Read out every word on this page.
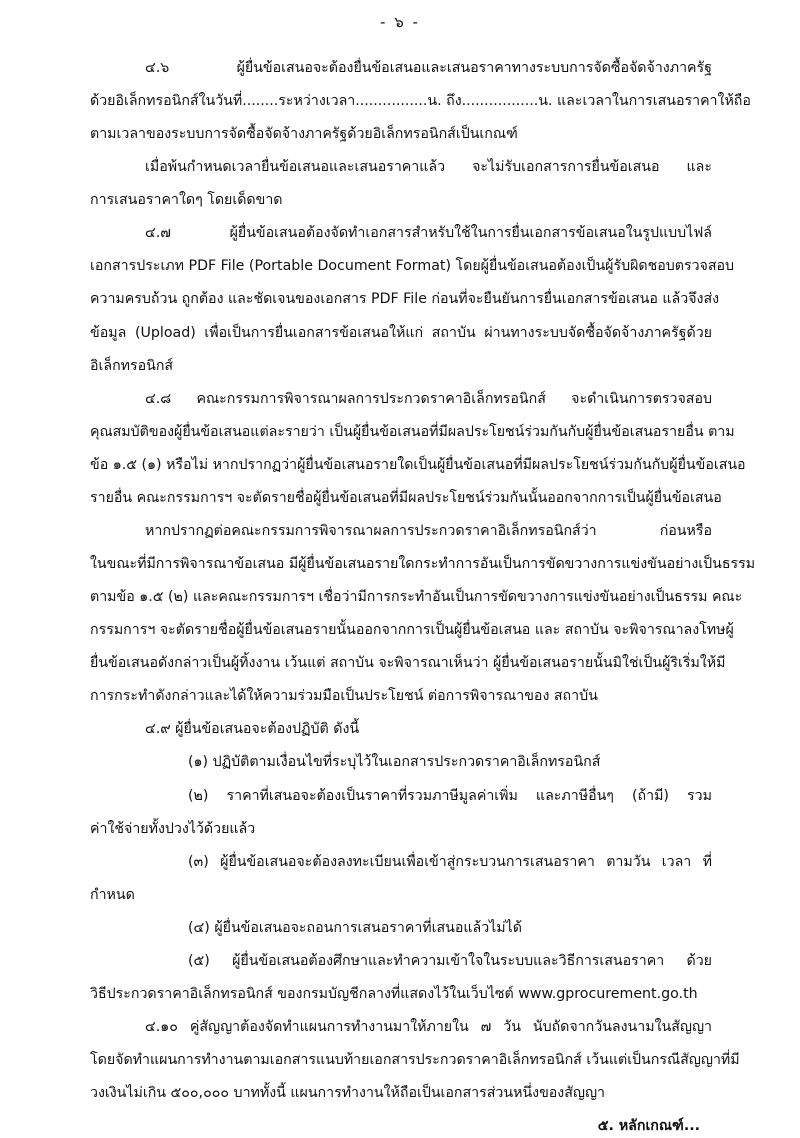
- ๖ -
๔.๖ ผู้ยื่นข้อเสนอจะต้องยื่นข้อเสนอและเสนอราคาทางระบบการจัดซื้อจัดจ้างภาครัฐ
ด้วยอิเล็กทรอนิกส์ในวันที่........ระหว่างเวลา................น. ถึง.................น. และเวลาในการเสนอราคาให้ถือ
ตามเวลาของระบบการจัดซื้อจัดจ้างภาครัฐด้วยอิเล็กทรอนิกส์เป็นเกณฑ์
เมื่อพ้นกำหนดเวลายื่นข้อเสนอและเสนอราคาแล้ว จะไม่รับเอกสารการยื่นข้อเสนอ และ
การเสนอราคาใดๆ โดยเด็ดขาด
๔.๗ ผู้ยื่นข้อเสนอต้องจัดทำเอกสารสำหรับใช้ในการยื่นเอกสารข้อเสนอในรูปแบบไฟล์
เอกสารประเภท PDF File (Portable Document Format) โดยผู้ยื่นข้อเสนอต้องเป็นผู้รับผิดชอบตรวจสอบ
ความครบถ้วน ถูกต้อง และชัดเจนของเอกสาร PDF File ก่อนที่จะยืนยันการยื่นเอกสารข้อเสนอ แล้วจึงส่ง
ข้อมูล (Upload) เพื่อเป็นการยื่นเอกสารข้อเสนอให้แก่ สถาบัน ผ่านทางระบบจัดซื้อจัดจ้างภาครัฐด้วย
อิเล็กทรอนิกส์
๔.๘ คณะกรรมการพิจารณาผลการประกวดราคาอิเล็กทรอนิกส์ จะดำเนินการตรวจสอบ
คุณสมบัติของผู้ยื่นข้อเสนอแต่ละรายว่า เป็นผู้ยื่นข้อเสนอที่มีผลประโยชน์ร่วมกันกับผู้ยื่นข้อเสนอรายอื่น ตาม
ข้อ ๑.๕ (๑) หรือไม่ หากปรากฏว่าผู้ยื่นข้อเสนอรายใดเป็นผู้ยื่นข้อเสนอที่มีผลประโยชน์ร่วมกันกับผู้ยื่นข้อเสนอ
รายอื่น คณะกรรมการฯ จะตัดรายชื่อผู้ยื่นข้อเสนอที่มีผลประโยชน์ร่วมกันนั้นออกจากการเป็นผู้ยื่นข้อเสนอ
หากปรากฏต่อคณะกรรมการพิจารณาผลการประกวดราคาอิเล็กทรอนิกส์ว่า ก่อนหรือ
ในขณะที่มีการพิจารณาข้อเสนอ มีผู้ยื่นข้อเสนอรายใดกระทำการอันเป็นการขัดขวางการแข่งขันอย่างเป็นธรรม
ตามข้อ ๑.๕ (๒) และคณะกรรมการฯ เชื่อว่ามีการกระทำอันเป็นการขัดขวางการแข่งขันอย่างเป็นธรรม คณะ
กรรมการฯ จะตัดรายชื่อผู้ยื่นข้อเสนอรายนั้นออกจากการเป็นผู้ยื่นข้อเสนอ และ สถาบัน จะพิจารณาลงโทษผู้
ยื่นข้อเสนอดังกล่าวเป็นผู้ทิ้งงาน เว้นแต่ สถาบัน จะพิจารณาเห็นว่า ผู้ยื่นข้อเสนอรายนั้นมิใช่เป็นผู้ริเริ่มให้มี
การกระทำดังกล่าวและได้ให้ความร่วมมือเป็นประโยชน์ ต่อการพิจารณาของ สถาบัน
๔.๙ ผู้ยื่นข้อเสนอจะต้องปฏิบัติ ดังนี้
(๑) ปฏิบัติตามเงื่อนไขที่ระบุไว้ในเอกสารประกวดราคาอิเล็กทรอนิกส์
(๒) ราคาที่เสนอจะต้องเป็นราคาที่รวมภาษีมูลค่าเพิ่ม และภาษีอื่นๆ (ถ้ามี) รวม
ค่าใช้จ่ายทั้งปวงไว้ด้วยแล้ว
(๓) ผู้ยื่นข้อเสนอจะต้องลงทะเบียนเพื่อเข้าสู่กระบวนการเสนอราคา ตามวัน เวลา ที่
กำหนด
(๔) ผู้ยื่นข้อเสนอจะถอนการเสนอราคาที่เสนอแล้วไม่ได้
(๕) ผู้ยื่นข้อเสนอต้องศึกษาและทำความเข้าใจในระบบและวิธีการเสนอราคา ด้วย
วิธีประกวดราคาอิเล็กทรอนิกส์ ของกรมบัญชีกลางที่แสดงไว้ในเว็บไซต์ www.gprocurement.go.th
๔.๑๐ คู่สัญญาต้องจัดทำแผนการทำงานมาให้ภายใน ๗ วัน นับถัดจากวันลงนามในสัญญา
โดยจัดทำแผนการทำงานตามเอกสารแนบท้ายเอกสารประกวดราคาอิเล็กทรอนิกส์ เว้นแต่เป็นกรณีสัญญาที่มี
วงเงินไม่เกิน ๕๐๐,๐๐๐ บาททั้งนี้ แผนการทำงานให้ถือเป็นเอกสารส่วนหนึ่งของสัญญา
๕. หลักเกณฑ์...
